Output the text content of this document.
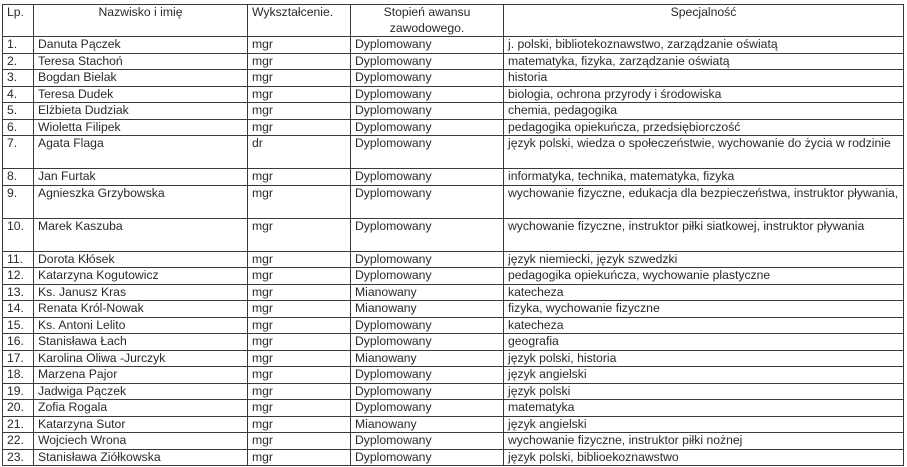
Lp.	Nazwisko i imię	Wykształcenie.	Stopień awansu zawodowego.	Specjalność
1.	Danuta Pączek	mgr	Dyplomowany	j. polski, bibliotekoznawstwo, zarządzanie oświatą
2.	Teresa Stachoń	mgr	Dyplomowany	matematyka, fizyka, zarządzanie oświatą
3.	Bogdan Bielak	mgr	Dyplomowany	historia
4.	Teresa Dudek	mgr	Dyplomowany	biologia, ochrona przyrody i środowiska
5.	Elżbieta Dudziak	mgr	Dyplomowany	chemia, pedagogika
6.	Wioletta Filipek	mgr	Dyplomowany	pedagogika opiekuńcza, przedsiębiorczość
7.	Agata Flaga	dr	Dyplomowany	język polski, wiedza o społeczeństwie, wychowanie do życia w rodzinie
8.	Jan Furtak	mgr	Dyplomowany	informatyka, technika, matematyka, fizyka
9.	Agnieszka Grzybowska	mgr	Dyplomowany	wychowanie fizyczne, edukacja dla bezpieczeństwa, instruktor pływania,
10.	Marek Kaszuba	mgr	Dyplomowany	wychowanie fizyczne, instruktor piłki siatkowej, instruktor pływania
11.	Dorota Kłósek	mgr	Dyplomowany	język niemiecki, język szwedzki
12.	Katarzyna Kogutowicz	mgr	Dyplomowany	pedagogika opiekuńcza, wychowanie plastyczne
13.	Ks. Janusz Kras	mgr	Mianowany	katecheza
14.	Renata Król-Nowak	mgr	Mianowany	fizyka, wychowanie fizyczne
15.	Ks. Antoni Lelito	mgr	Dyplomowany	katecheza
16.	Stanisława Łach	mgr	Dyplomowany	geografia
17.	Karolina Oliwa -Jurczyk	mgr	Mianowany	język polski, historia
18.	Marzena Pajor	mgr	Dyplomowany	język angielski
19.	Jadwiga Pączek	mgr	Dyplomowany	język polski
20.	Zofia Rogala	mgr	Dyplomowany	matematyka
21.	Katarzyna Sutor	mgr	Mianowany	język angielski
22.	Wojciech Wrona	mgr	Dyplomowany	wychowanie fizyczne, instruktor piłki nożnej
23.	Stanisława Ziółkowska	mgr	Dyplomowany	język polski, biblioekoznawstwo
